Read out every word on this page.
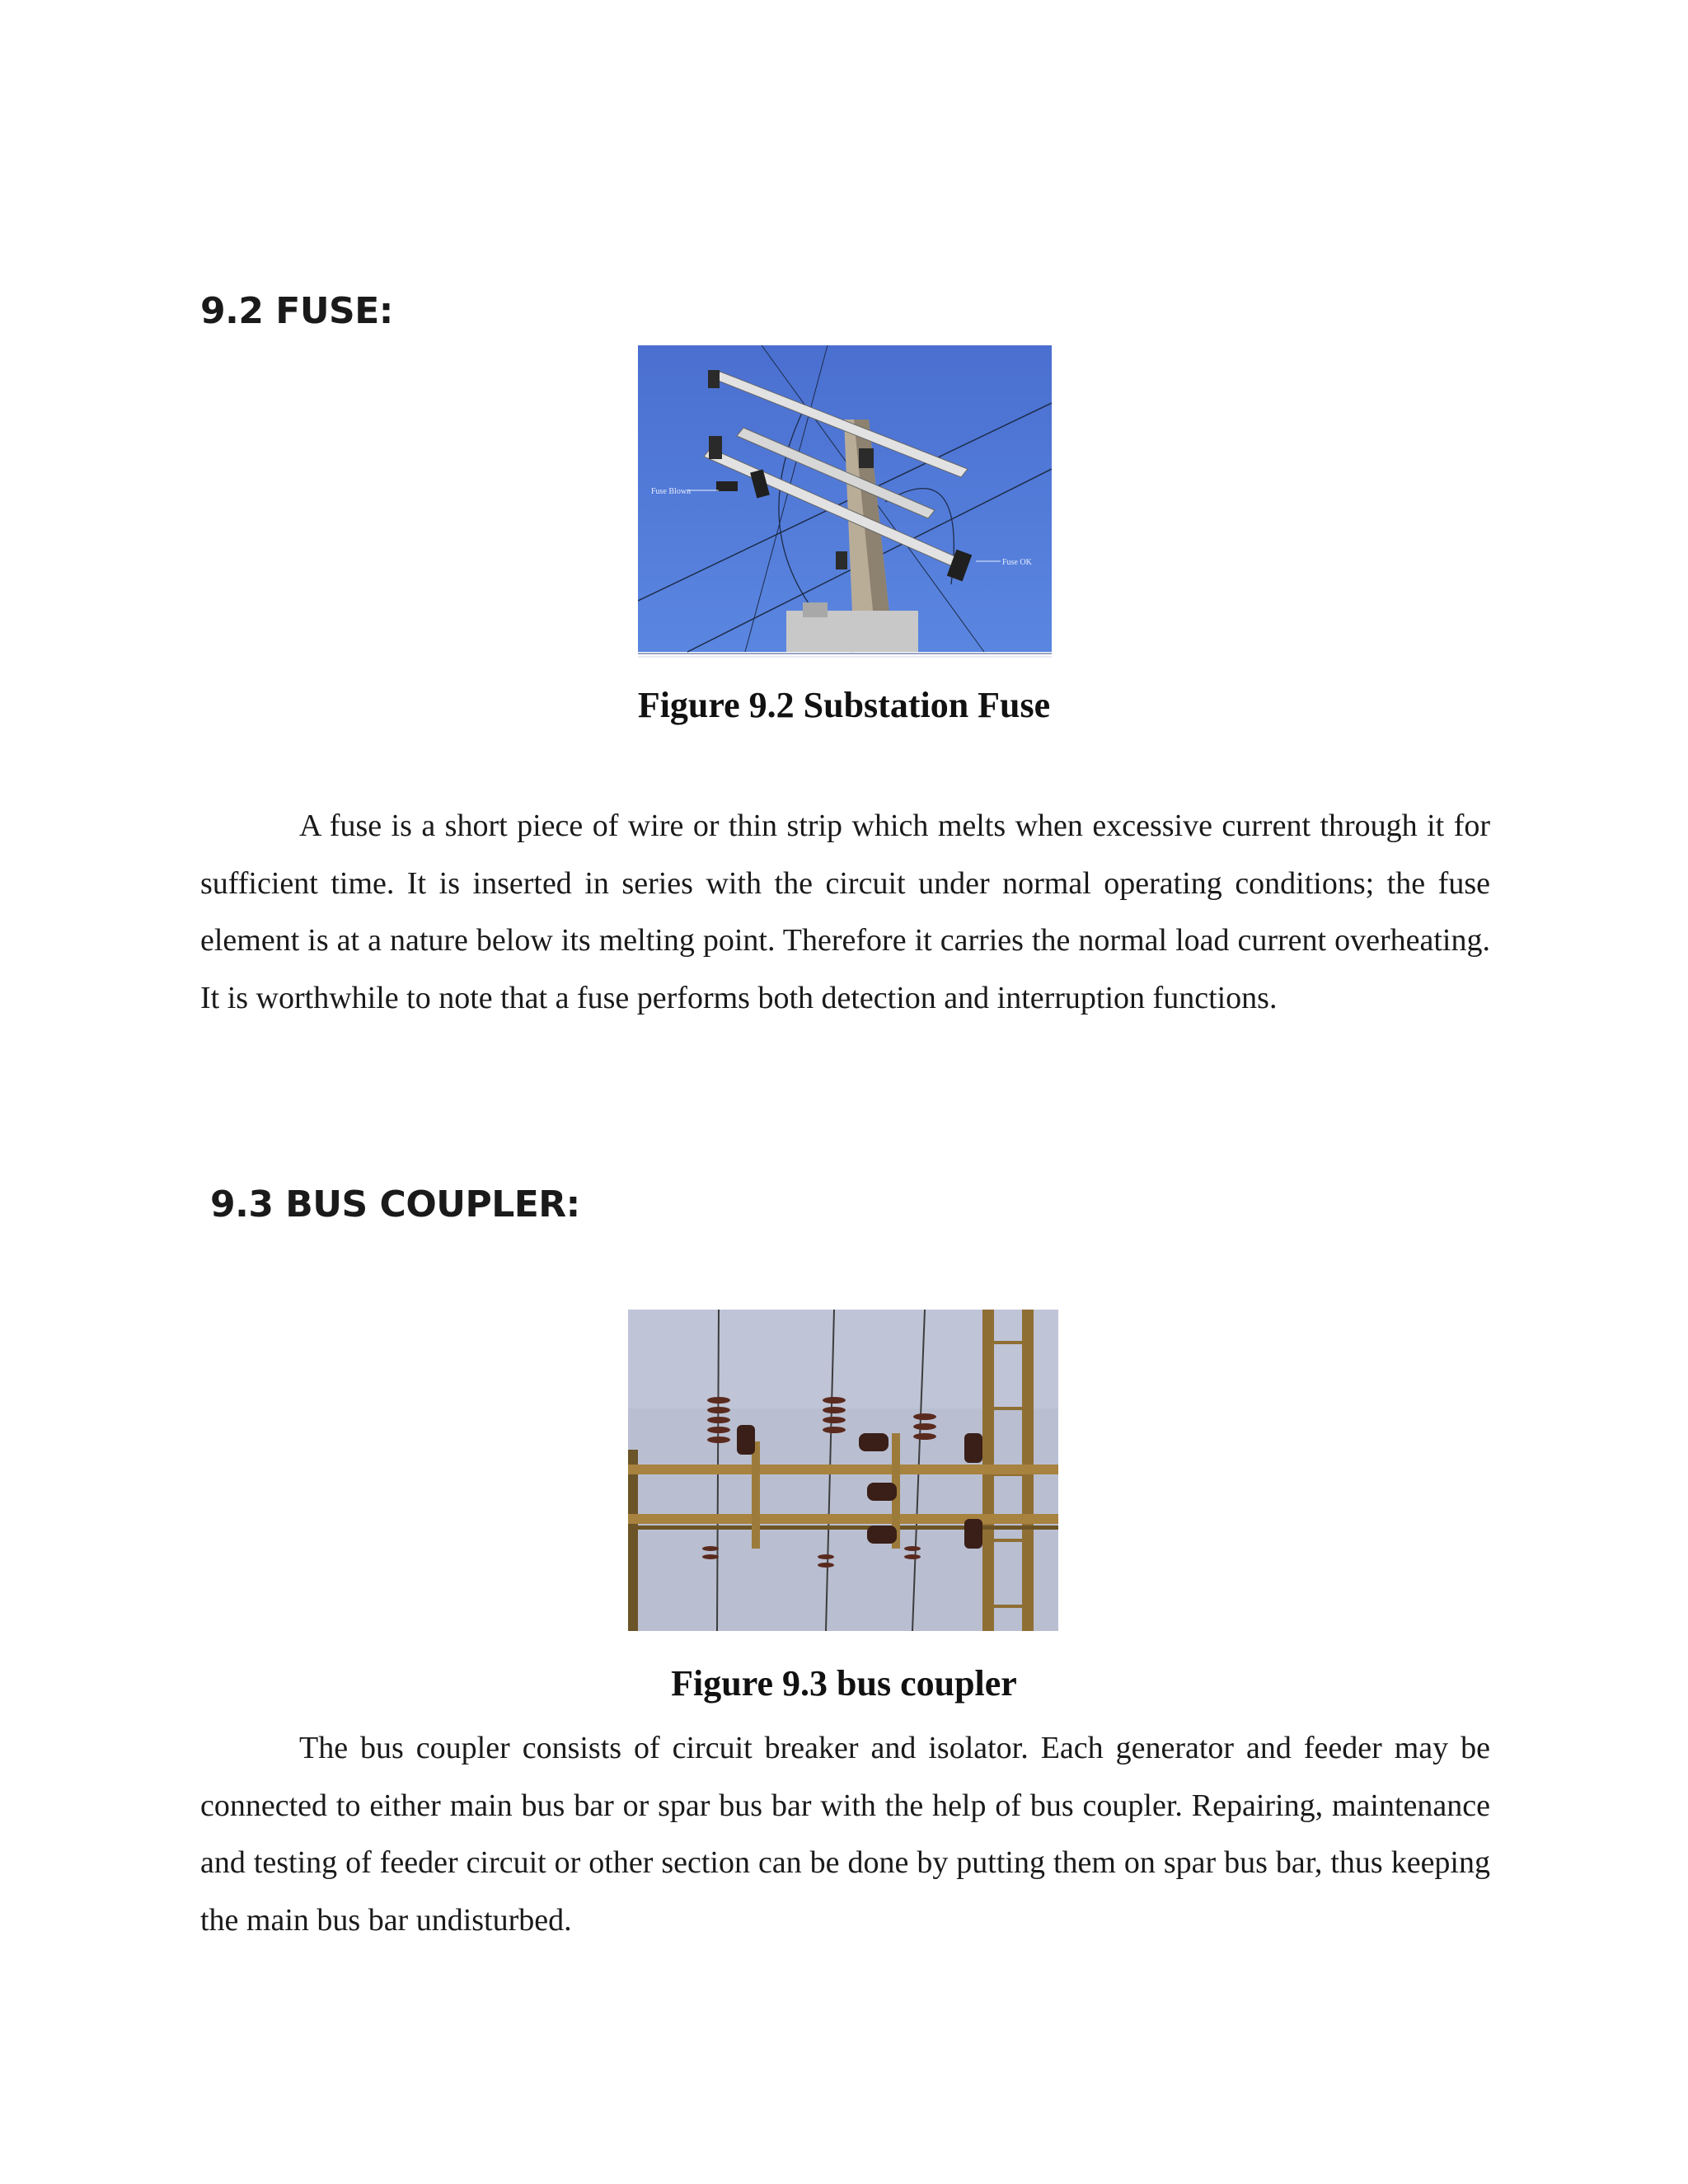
9.2 FUSE:
Fuse Blown
Fuse OK

Figure 9.2 Substation Fuse

A fuse is a short piece of wire or thin strip which melts when excessive current through it for sufficient time. It is inserted in series with the circuit under normal operating conditions; the fuse element is at a nature below its melting point. Therefore it carries the normal load current overheating. It is worthwhile to note that a fuse performs both detection and interruption functions.

9.3 BUS COUPLER:

Figure 9.3 bus coupler

The bus coupler consists of circuit breaker and isolator. Each generator and feeder may be connected to either main bus bar or spar bus bar with the help of bus coupler. Repairing, maintenance and testing of feeder circuit or other section can be done by putting them on spar bus bar, thus keeping the main bus bar undisturbed.
